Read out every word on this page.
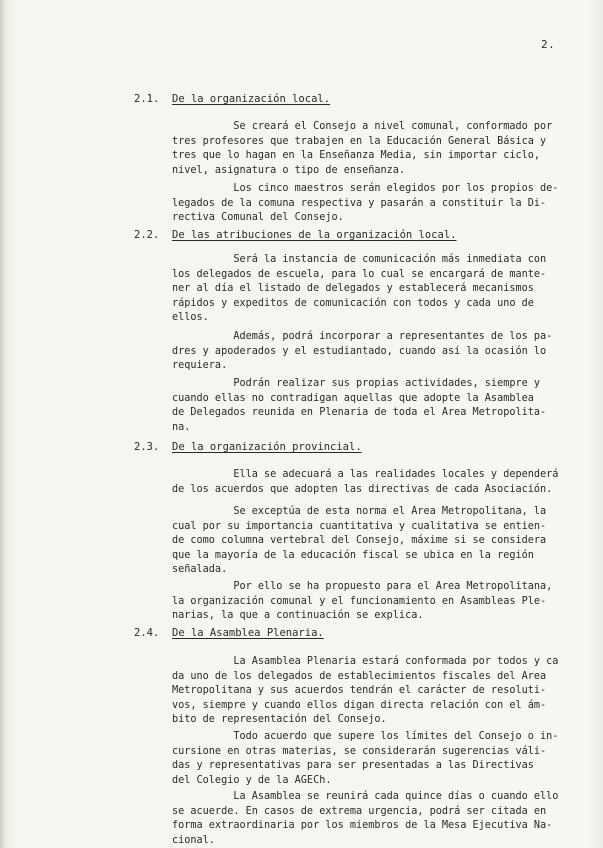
2.
2.1. De la organización local.

Se creará el Consejo a nivel comunal, conformado por
tres profesores que trabajen en la Educación General Básica y
tres que lo hagan en la Enseñanza Media, sin importar ciclo,
nivel, asignatura o tipo de enseñanza.

Los cinco maestros serán elegidos por los propios de-
legados de la comuna respectiva y pasarán a constituir la Di-
rectiva Comunal del Consejo.

2.2. De las atribuciones de la organización local.

Será la instancia de comunicación más inmediata con
los delegados de escuela, para lo cual se encargará de mante-
ner al día el listado de delegados y establecerá mecanismos
rápidos y expeditos de comunicación con todos y cada uno de
ellos.

Además, podrá incorporar a representantes de los pa-
dres y apoderados y el estudiantado, cuando así la ocasión lo
requiera.

Podrán realizar sus propias actividades, siempre y
cuando ellas no contradigan aquellas que adopte la Asamblea
de Delegados reunida en Plenaria de toda el Area Metropolita-
na.

2.3. De la organización provincial.

Ella se adecuará a las realidades locales y dependerá
de los acuerdos que adopten las directivas de cada Asociación.

Se exceptúa de esta norma el Area Metropolitana, la
cual por su importancia cuantitativa y cualitativa se entien-
de como columna vertebral del Consejo, máxime si se considera
que la mayoría de la educación fiscal se ubica en la región
señalada.

Por ello se ha propuesto para el Area Metropolitana,
la organización comunal y el funcionamiento en Asambleas Ple-
narias, la que a continuación se explica.

2.4. De la Asamblea Plenaria.

La Asamblea Plenaria estará conformada por todos y ca
da uno de los delegados de establecimientos fiscales del Area
Metropolitana y sus acuerdos tendrán el carácter de resoluti-
vos, siempre y cuando ellos digan directa relación con el ám-
bito de representación del Consejo.

Todo acuerdo que supere los límites del Consejo o in-
cursione en otras materias, se considerarán sugerencias váli-
das y representativas para ser presentadas a las Directivas
del Colegio y de la AGECh.

La Asamblea se reunirá cada quince días o cuando ello
se acuerde. En casos de extrema urgencia, podrá ser citada en
forma extraordinaria por los miembros de la Mesa Ejecutiva Na-
cional.
